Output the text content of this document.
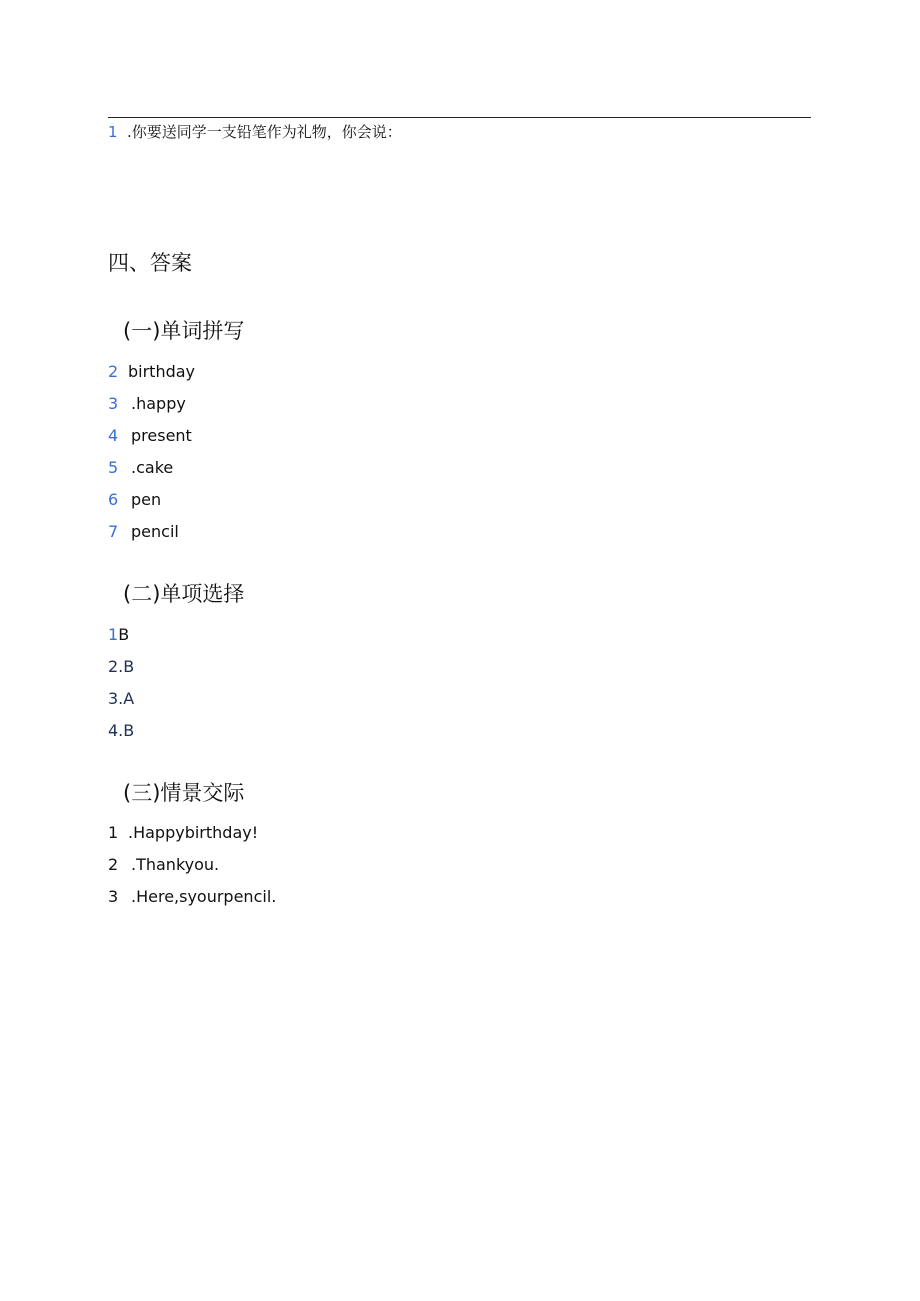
1 .你要送同学一支铅笔作为礼物，你会说：
四、答案
(一)单词拼写
2 birthday
3 .happy
4 present
5 .cake
6 pen
7 pencil
(二)单项选择
1B
2.B
3.A
4.B
(三)情景交际
1 .Happybirthday!
2 .Thankyou.
3 .Here,syourpencil.
